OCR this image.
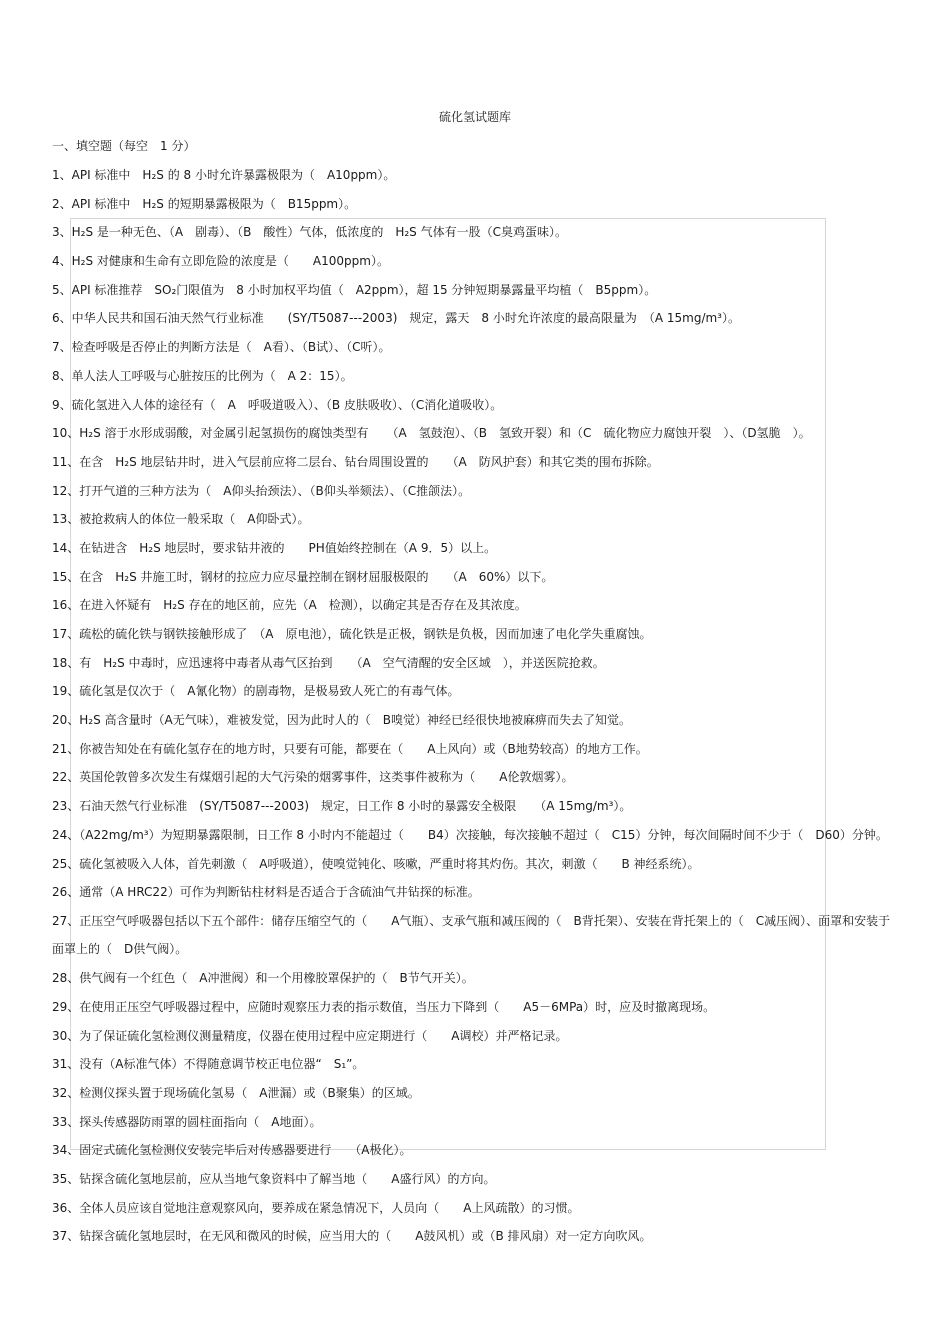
硫化氢试题库

一、填空题（每空　1 分）

1、API 标准中　H₂S 的 8 小时允许暴露极限为（　A10ppm）。
2、API 标准中　H₂S 的短期暴露极限为（　B15ppm）。
3、H₂S 是一种无色、（A　剧毒）、（B　酸性）气体，低浓度的　H₂S 气体有一股（C臭鸡蛋味）。
4、H₂S 对健康和生命有立即危险的浓度是（　　A100ppm）。
5、API 标准推荐　SO₂门限值为　8 小时加权平均值（　A2ppm），超 15 分钟短期暴露量平均植（　B5ppm）。
6、中华人民共和国石油天然气行业标准　　(SY/T5087---2003)　规定，露天　8 小时允许浓度的最高限量为　（A 15mg/m³）。
7、检查呼吸是否停止的判断方法是（　A看）、（B试）、（C听）。
8、单人法人工呼吸与心脏按压的比例为（　A 2：15）。
9、硫化氢进入人体的途径有（　A　呼吸道吸入）、（B 皮肤吸收）、（C消化道吸收）。
10、H₂S 溶于水形成弱酸，对金属引起氢损伤的腐蚀类型有　　（A　氢鼓泡）、（B　氢致开裂）和（C　硫化物应力腐蚀开裂　）、（D氢脆　）。
11、在含　H₂S 地层钻井时，进入气层前应将二层台、钻台周围设置的　　（A　防风护套）和其它类的围布拆除。
12、打开气道的三种方法为（　A仰头抬颈法）、（B仰头举颏法）、（C推颌法）。
13、被抢救病人的体位一般采取（　A仰卧式）。
14、在钻进含　H₂S 地层时，要求钻井液的　　PH值始终控制在（A 9．5）以上。
15、在含　H₂S 井施工时，钢材的拉应力应尽量控制在钢材屈服极限的　　（A　60%）以下。
16、在进入怀疑有　H₂S 存在的地区前，应先（A　检测），以确定其是否存在及其浓度。
17、疏松的硫化铁与钢铁接触形成了　（A　原电池），硫化铁是正极，钢铁是负极，因而加速了电化学失重腐蚀。
18、有　H₂S 中毒时，应迅速将中毒者从毒气区抬到　　（A　空气清醒的安全区域　），并送医院抢救。
19、硫化氢是仅次于（　A氰化物）的剧毒物，是极易致人死亡的有毒气体。
20、H₂S 高含量时（A无气味），难被发觉，因为此时人的（　B嗅觉）神经已经很快地被麻痹而失去了知觉。
21、你被告知处在有硫化氢存在的地方时，只要有可能，都要在（　　A上风向）或（B地势较高）的地方工作。
22、英国伦敦曾多次发生有煤烟引起的大气污染的烟雾事件，这类事件被称为（　　A伦敦烟雾）。
23、石油天然气行业标准　(SY/T5087---2003)　规定，日工作 8 小时的暴露安全极限　　（A 15mg/m³）。
24、（A22mg/m³）为短期暴露限制，日工作 8 小时内不能超过（　　B4）次接触，每次接触不超过（　C15）分钟，每次间隔时间不少于（　D60）分钟。
25、硫化氢被吸入人体，首先刺激（　A呼吸道），使嗅觉钝化、咳嗽，严重时将其灼伤。其次，刺激（　　B 神经系统）。
26、通常（A HRC22）可作为判断钻柱材料是否适合于含硫油气井钻探的标准。
27、正压空气呼吸器包括以下五个部件：储存压缩空气的（　　A气瓶）、支承气瓶和减压阀的（　B背托架）、安装在背托架上的（　C减压阀）、面罩和安装于面罩上的（　D供气阀）。
28、供气阀有一个红色（　A冲泄阀）和一个用橡胶罩保护的（　B节气开关）。
29、在使用正压空气呼吸器过程中，应随时观察压力表的指示数值，当压力下降到（　　A5－6MPa）时，应及时撤离现场。
30、为了保证硫化氢检测仪测量精度，仪器在使用过程中应定期进行（　　A调校）并严格记录。
31、没有（A标准气体）不得随意调节校正电位器“　S₁”。
32、检测仪探头置于现场硫化氢易（　A泄漏）或（B聚集）的区域。
33、探头传感器防雨罩的圆柱面指向（　A地面）。
34、固定式硫化氢检测仪安装完毕后对传感器要进行　　（A极化）。
35、钻探含硫化氢地层前，应从当地气象资料中了解当地（　　A盛行风）的方向。
36、全体人员应该自觉地注意观察风向，要养成在紧急情况下，人员向（　　A上风疏散）的习惯。
37、钻探含硫化氢地层时，在无风和微风的时候，应当用大的（　　A鼓风机）或（B 排风扇）对一定方向吹风。
